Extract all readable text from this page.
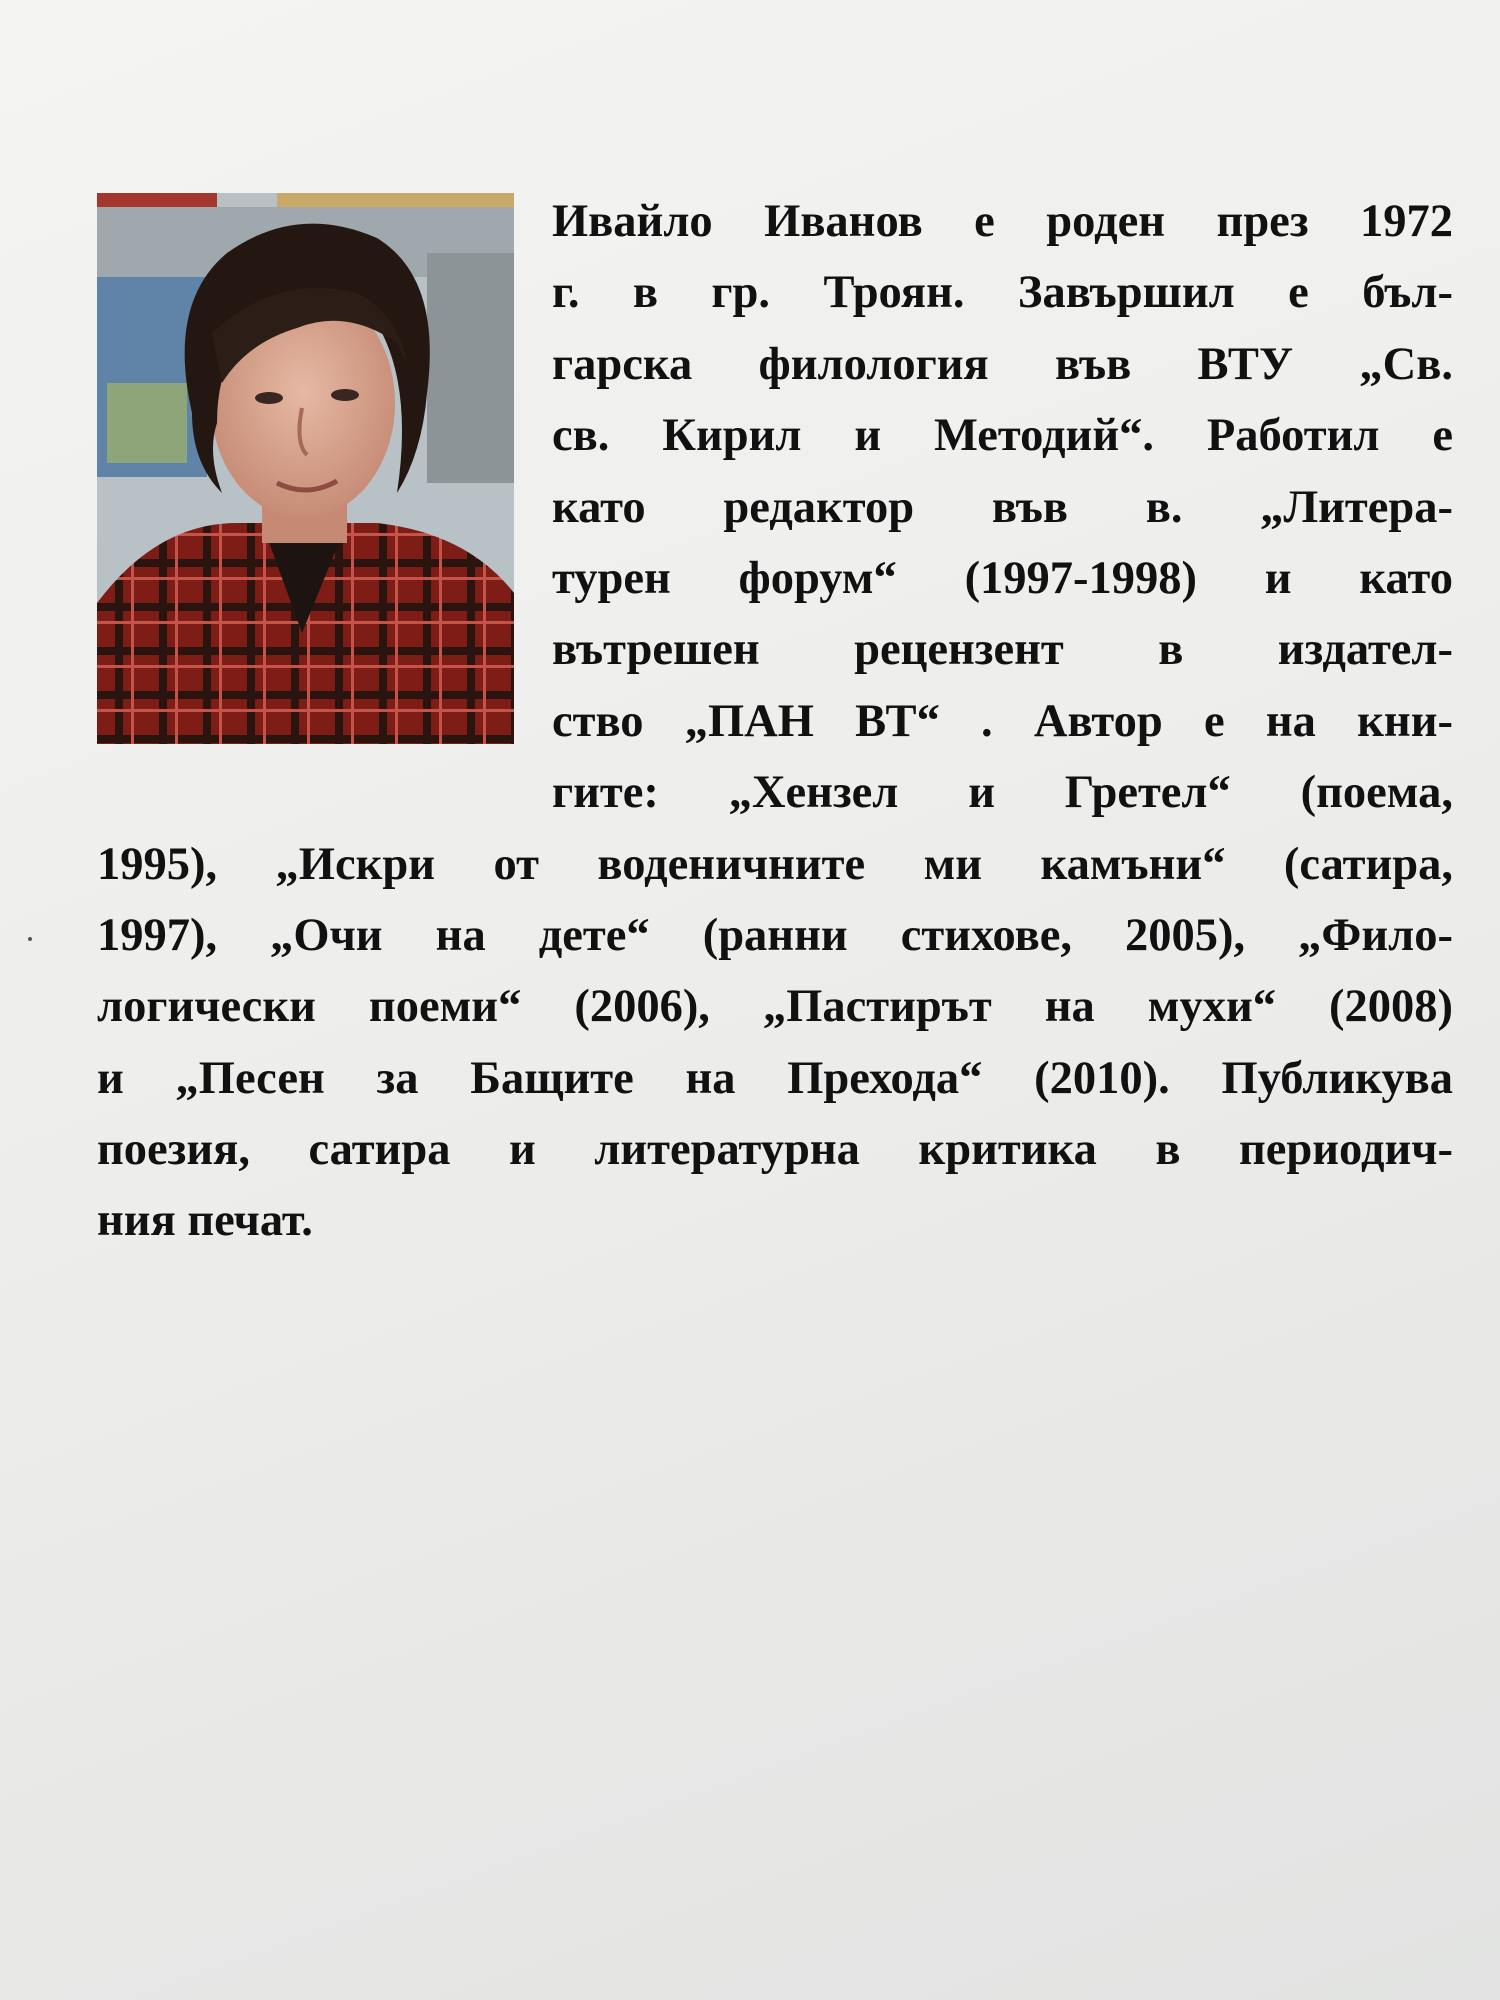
Ивайло Иванов е роден през 1972
г. в гр. Троян. Завършил е бъл-
гарска филология във ВТУ „Св.
св. Кирил и Методий“. Работил е
като редактор във в. „Литера-
турен форум“ (1997-1998) и като
вътрешен рецензент в издател-
ство „ПАН ВТ“ . Автор е на кни-
гите: „Хензел и Гретел“ (поема,
1995), „Искри от воденичните ми камъни“ (сатира,
1997), „Очи на дете“ (ранни стихове, 2005), „Фило-
логически поеми“ (2006), „Пастирът на мухи“ (2008)
и „Песен за Бащите на Прехода“ (2010). Публикува
поезия, сатира и литературна критика в периодич-
ния печат.
